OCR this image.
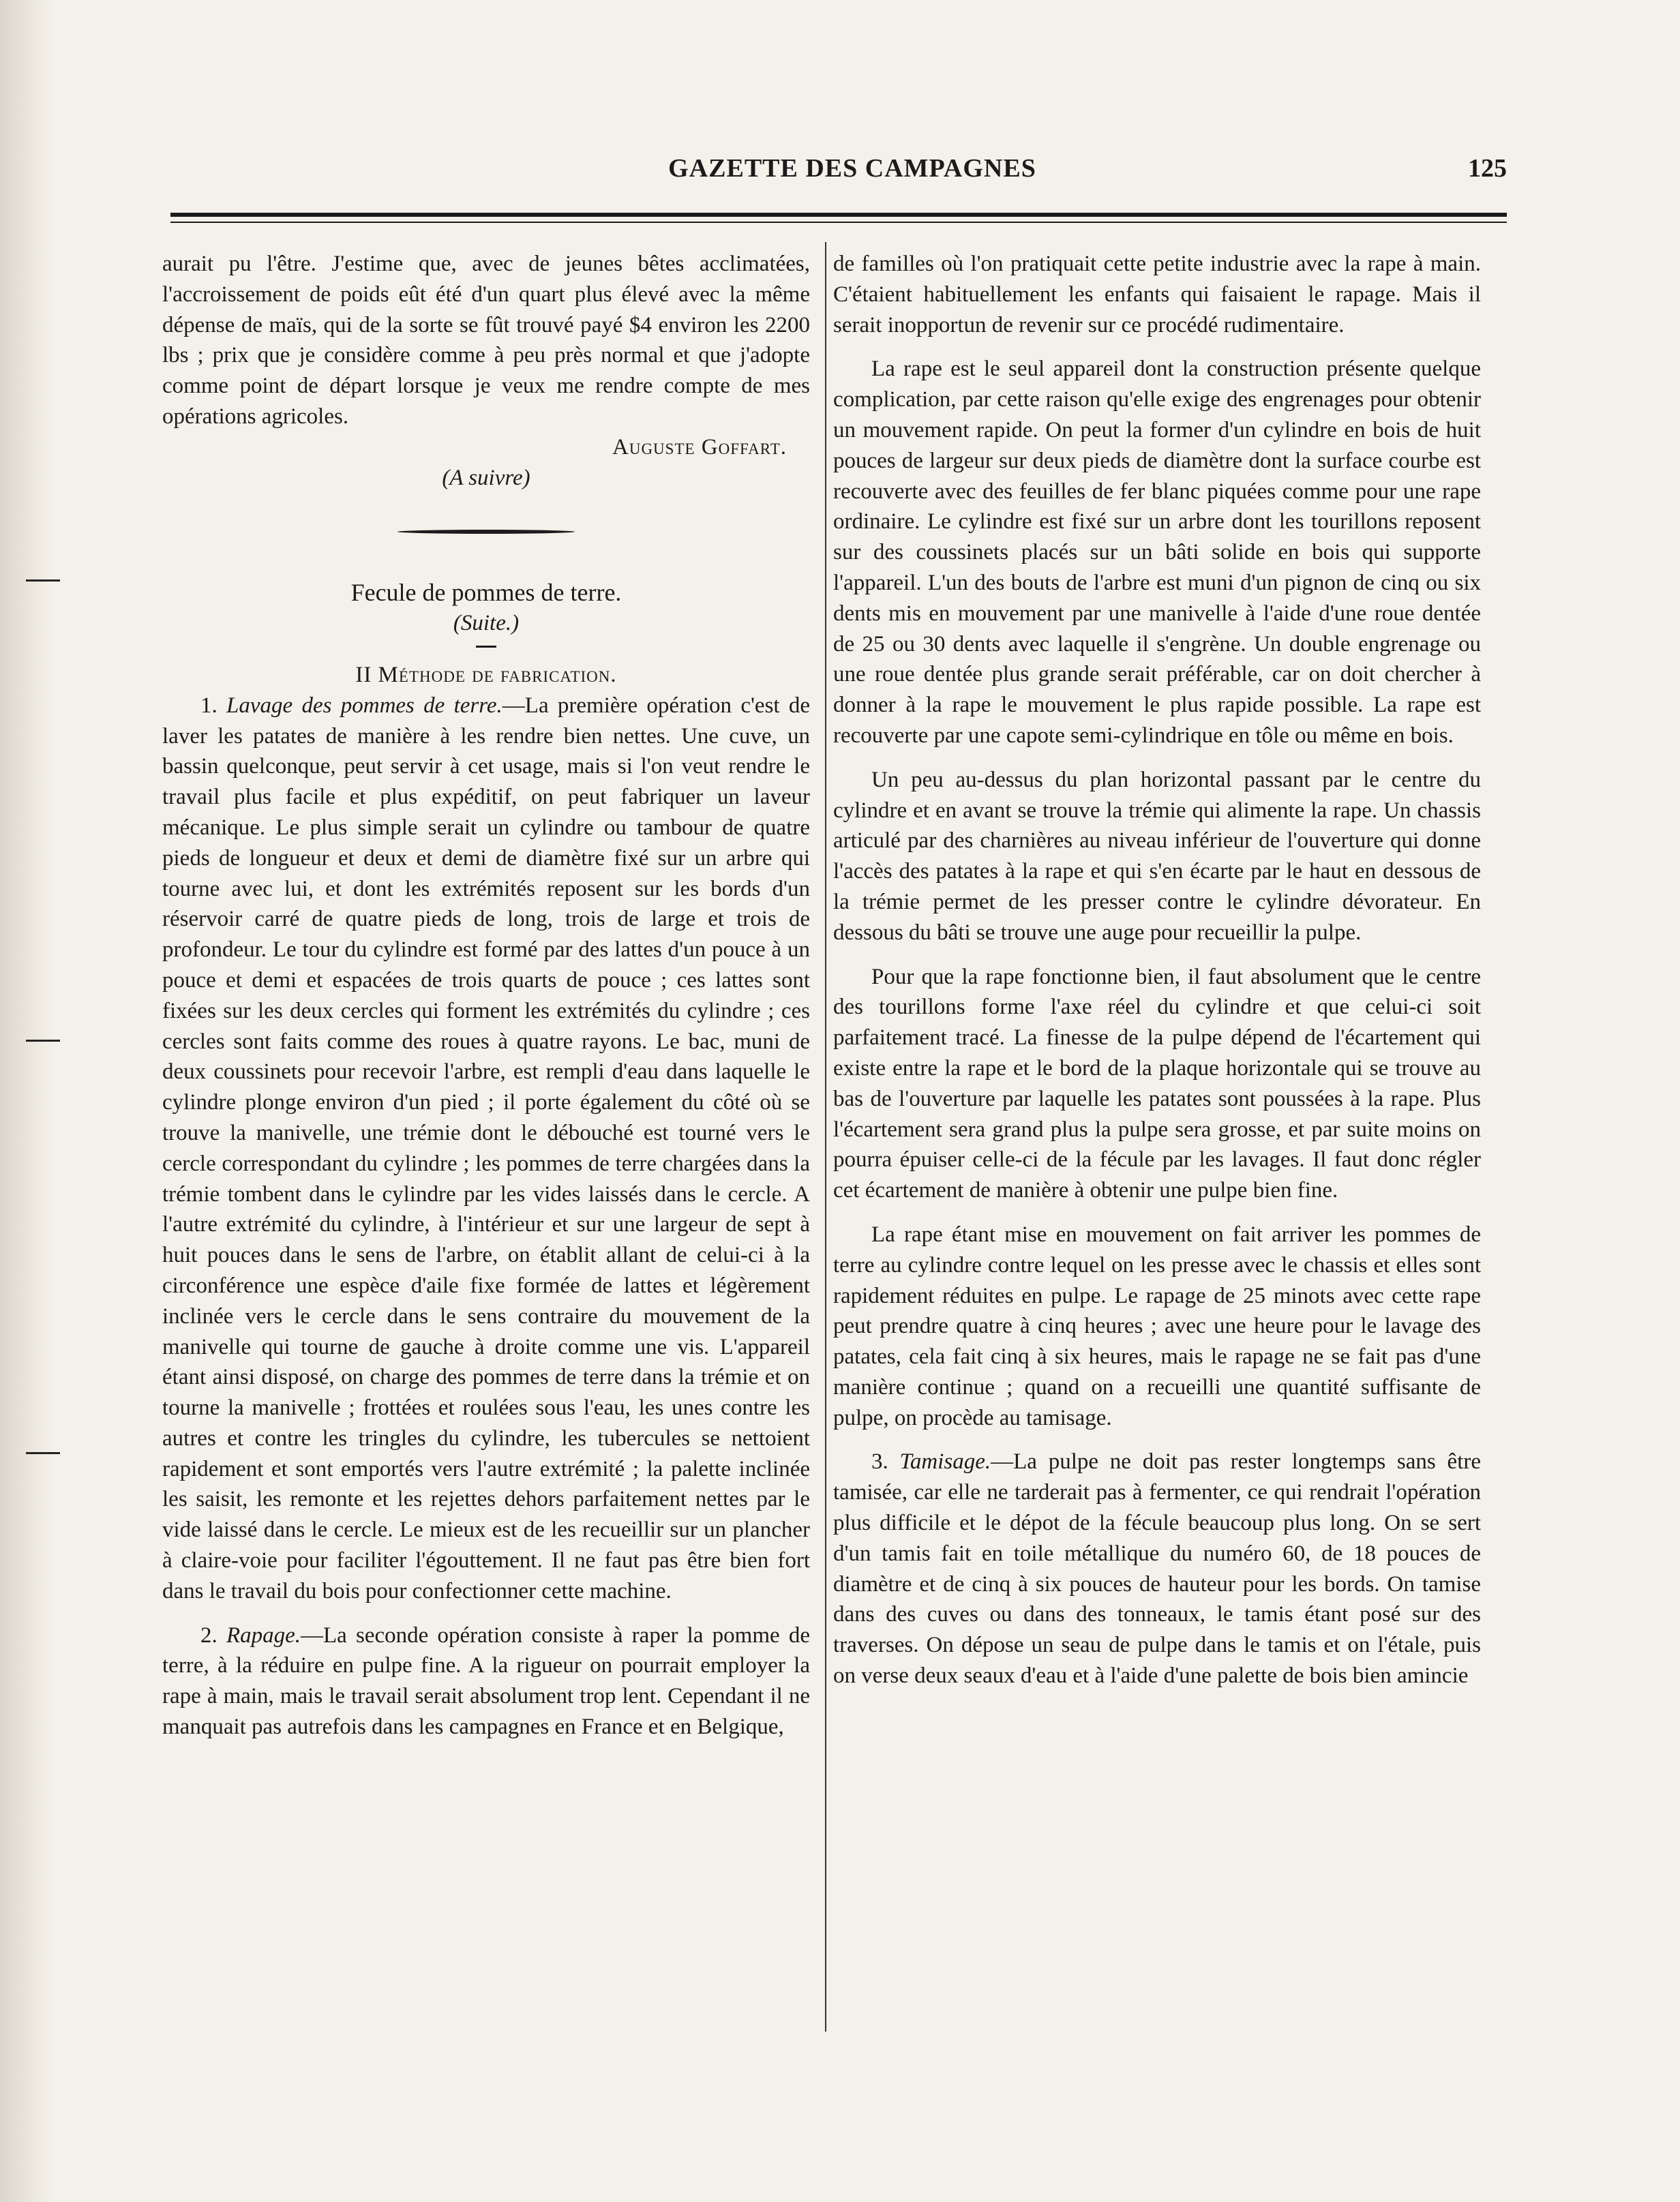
GAZETTE DES CAMPAGNES	125

aurait pu l'être. J'estime que, avec de jeunes bêtes acclimatées, l'accroissement de poids eût été d'un quart plus élevé avec la même dépense de maïs, qui de la sorte se fût trouvé payé $4 environ les 2200 lbs ; prix que je considère comme à peu près normal et que j'adopte comme point de départ lorsque je veux me rendre compte de mes opérations agricoles.

Auguste Goffart.

(A suivre)

Fecule de pommes de terre.

(Suite.)

II Méthode de fabrication.

1. Lavage des pommes de terre.—La première opération c'est de laver les patates de manière à les rendre bien nettes. Une cuve, un bassin quelconque, peut servir à cet usage, mais si l'on veut rendre le travail plus facile et plus expéditif, on peut fabriquer un laveur mécanique. Le plus simple serait un cylindre ou tambour de quatre pieds de longueur et deux et demi de diamètre fixé sur un arbre qui tourne avec lui, et dont les extrémités reposent sur les bords d'un réservoir carré de quatre pieds de long, trois de large et trois de profondeur. Le tour du cylindre est formé par des lattes d'un pouce à un pouce et demi et espacées de trois quarts de pouce ; ces lattes sont fixées sur les deux cercles qui forment les extrémités du cylindre ; ces cercles sont faits comme des roues à quatre rayons. Le bac, muni de deux coussinets pour recevoir l'arbre, est rempli d'eau dans laquelle le cylindre plonge environ d'un pied ; il porte également du côté où se trouve la manivelle, une trémie dont le débouché est tourné vers le cercle correspondant du cylindre ; les pommes de terre chargées dans la trémie tombent dans le cylindre par les vides laissés dans le cercle. A l'autre extrémité du cylindre, à l'intérieur et sur une largeur de sept à huit pouces dans le sens de l'arbre, on établit allant de celui-ci à la circonférence une espèce d'aile fixe formée de lattes et légèrement inclinée vers le cercle dans le sens contraire du mouvement de la manivelle qui tourne de gauche à droite comme une vis. L'appareil étant ainsi disposé, on charge des pommes de terre dans la trémie et on tourne la manivelle ; frottées et roulées sous l'eau, les unes contre les autres et contre les tringles du cylindre, les tubercules se nettoient rapidement et sont emportés vers l'autre extrémité ; la palette inclinée les saisit, les remonte et les rejettes dehors parfaitement nettes par le vide laissé dans le cercle. Le mieux est de les recueillir sur un plancher à claire-voie pour faciliter l'égouttement. Il ne faut pas être bien fort dans le travail du bois pour confectionner cette machine.

2. Rapage.—La seconde opération consiste à raper la pomme de terre, à la réduire en pulpe fine. A la rigueur on pourrait employer la rape à main, mais le travail serait absolument trop lent. Cependant il ne manquait pas autrefois dans les campagnes en France et en Belgique,

de familles où l'on pratiquait cette petite industrie avec la rape à main. C'étaient habituellement les enfants qui faisaient le rapage. Mais il serait inopportun de revenir sur ce procédé rudimentaire.

La rape est le seul appareil dont la construction présente quelque complication, par cette raison qu'elle exige des engrenages pour obtenir un mouvement rapide. On peut la former d'un cylindre en bois de huit pouces de largeur sur deux pieds de diamètre dont la surface courbe est recouverte avec des feuilles de fer blanc piquées comme pour une rape ordinaire. Le cylindre est fixé sur un arbre dont les tourillons reposent sur des coussinets placés sur un bâti solide en bois qui supporte l'appareil. L'un des bouts de l'arbre est muni d'un pignon de cinq ou six dents mis en mouvement par une manivelle à l'aide d'une roue dentée de 25 ou 30 dents avec laquelle il s'engrène. Un double engrenage ou une roue dentée plus grande serait préférable, car on doit chercher à donner à la rape le mouvement le plus rapide possible. La rape est recouverte par une capote semi-cylindrique en tôle ou même en bois.

Un peu au-dessus du plan horizontal passant par le centre du cylindre et en avant se trouve la trémie qui alimente la rape. Un chassis articulé par des charnières au niveau inférieur de l'ouverture qui donne l'accès des patates à la rape et qui s'en écarte par le haut en dessous de la trémie permet de les presser contre le cylindre dévorateur. En dessous du bâti se trouve une auge pour recueillir la pulpe.

Pour que la rape fonctionne bien, il faut absolument que le centre des tourillons forme l'axe réel du cylindre et que celui-ci soit parfaitement tracé. La finesse de la pulpe dépend de l'écartement qui existe entre la rape et le bord de la plaque horizontale qui se trouve au bas de l'ouverture par laquelle les patates sont poussées à la rape. Plus l'écartement sera grand plus la pulpe sera grosse, et par suite moins on pourra épuiser celle-ci de la fécule par les lavages. Il faut donc régler cet écartement de manière à obtenir une pulpe bien fine.

La rape étant mise en mouvement on fait arriver les pommes de terre au cylindre contre lequel on les presse avec le chassis et elles sont rapidement réduites en pulpe. Le rapage de 25 minots avec cette rape peut prendre quatre à cinq heures ; avec une heure pour le lavage des patates, cela fait cinq à six heures, mais le rapage ne se fait pas d'une manière continue ; quand on a recueilli une quantité suffisante de pulpe, on procède au tamisage.

3. Tamisage.—La pulpe ne doit pas rester longtemps sans être tamisée, car elle ne tarderait pas à fermenter, ce qui rendrait l'opération plus difficile et le dépot de la fécule beaucoup plus long. On se sert d'un tamis fait en toile métallique du numéro 60, de 18 pouces de diamètre et de cinq à six pouces de hauteur pour les bords. On tamise dans des cuves ou dans des tonneaux, le tamis étant posé sur des traverses. On dépose un seau de pulpe dans le tamis et on l'étale, puis on verse deux seaux d'eau et à l'aide d'une palette de bois bien amincie
